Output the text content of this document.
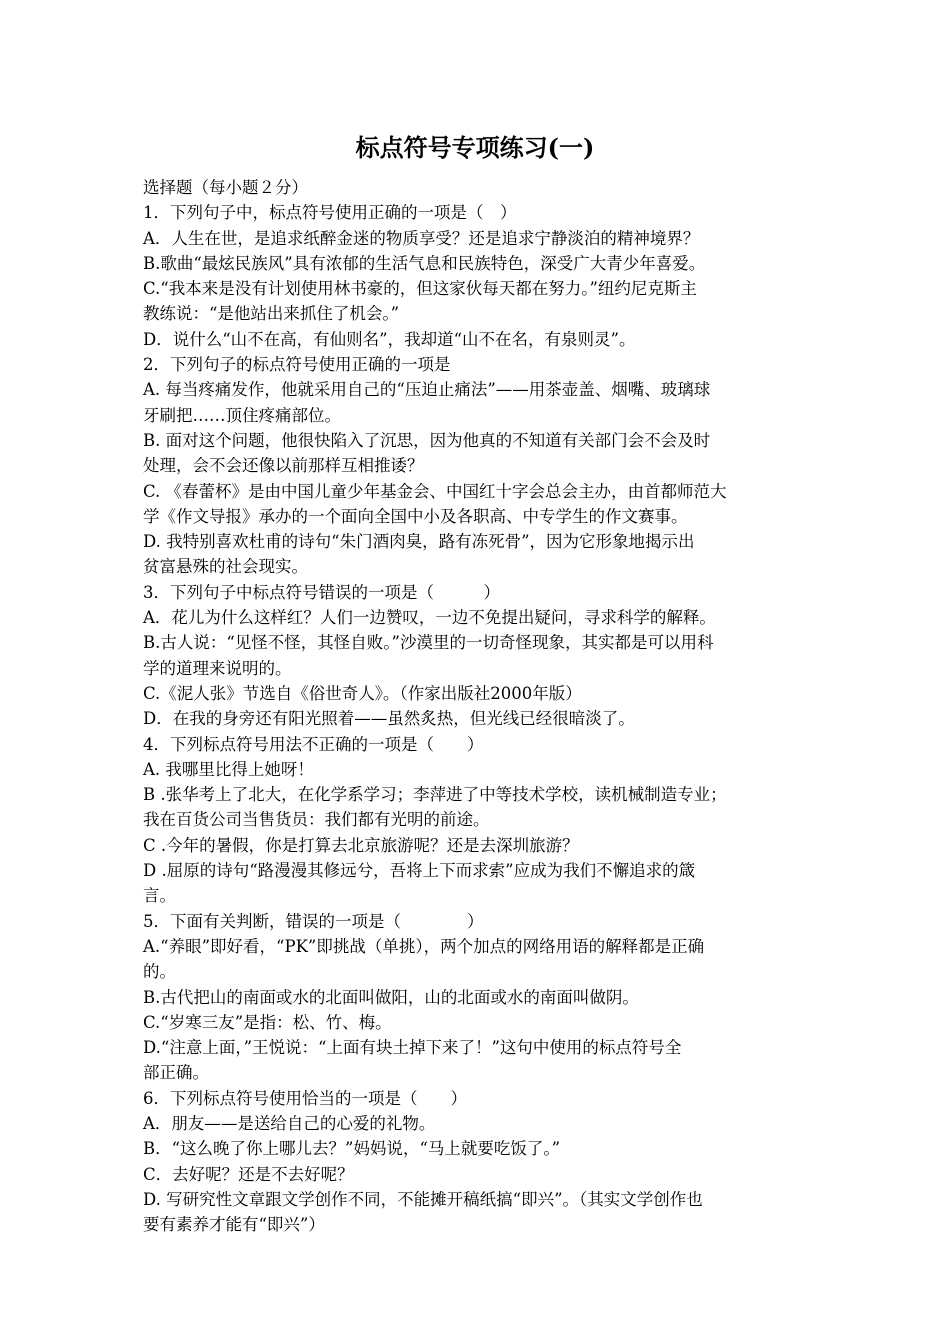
标点符号专项练习(一)
选择题（每小题２分）
1．下列句子中，标点符号使用正确的一项是（　）
A．人生在世，是追求纸醉金迷的物质享受？还是追求宁静淡泊的精神境界？
B.歌曲“最炫民族风”具有浓郁的生活气息和民族特色，深受广大青少年喜爱。
C.“我本来是没有计划使用林书豪的，但这家伙每天都在努力。”纽约尼克斯主
教练说：“是他站出来抓住了机会。”
D．说什么“山不在高，有仙则名”，我却道“山不在名，有泉则灵”。
2．下列句子的标点符号使用正确的一项是
A. 每当疼痛发作，他就采用自己的“压迫止痛法”——用茶壶盖、烟嘴、玻璃球
牙刷把……顶住疼痛部位。
B. 面对这个问题，他很快陷入了沉思，因为他真的不知道有关部门会不会及时
处理，会不会还像以前那样互相推诿？
C. 《春蕾杯》是由中国儿童少年基金会、中国红十字会总会主办，由首都师范大
学《作文导报》承办的一个面向全国中小及各职高、中专学生的作文赛事。
D. 我特别喜欢杜甫的诗句“朱门酒肉臭，路有冻死骨”，因为它形象地揭示出
贫富悬殊的社会现实。
3．下列句子中标点符号错误的一项是（　　　）
A．花儿为什么这样红？人们一边赞叹，一边不免提出疑问，寻求科学的解释。
B.古人说：“见怪不怪，其怪自败。”沙漠里的一切奇怪现象，其实都是可以用科
学的道理来说明的。
C.《泥人张》节选自《俗世奇人》。（作家出版社2000年版）
D．在我的身旁还有阳光照着——虽然炙热，但光线已经很暗淡了。
4．下列标点符号用法不正确的一项是（　　）
A. 我哪里比得上她呀！
B .张华考上了北大，在化学系学习；李萍进了中等技术学校，读机械制造专业；
我在百货公司当售货员：我们都有光明的前途。
C .今年的暑假，你是打算去北京旅游呢？还是去深圳旅游？
D .屈原的诗句“路漫漫其修远兮，吾将上下而求索”应成为我们不懈追求的箴
言。
5．下面有关判断，错误的一项是（　　　　）
A.“养眼”即好看，“PK”即挑战（单挑），两个加点的网络用语的解释都是正确
的。
B.古代把山的南面或水的北面叫做阳，山的北面或水的南面叫做阴。
C.“岁寒三友”是指：松、竹、梅。
D.“注意上面，”王悦说：“上面有块土掉下来了！”这句中使用的标点符号全
部正确。
6．下列标点符号使用恰当的一项是（　　）
A．朋友——是送给自己的心爱的礼物。
B．“这么晚了你上哪儿去？”妈妈说，“马上就要吃饭了。”
C．去好呢？还是不去好呢？
D. 写研究性文章跟文学创作不同，不能摊开稿纸搞“即兴”。（其实文学创作也
要有素养才能有“即兴”）
